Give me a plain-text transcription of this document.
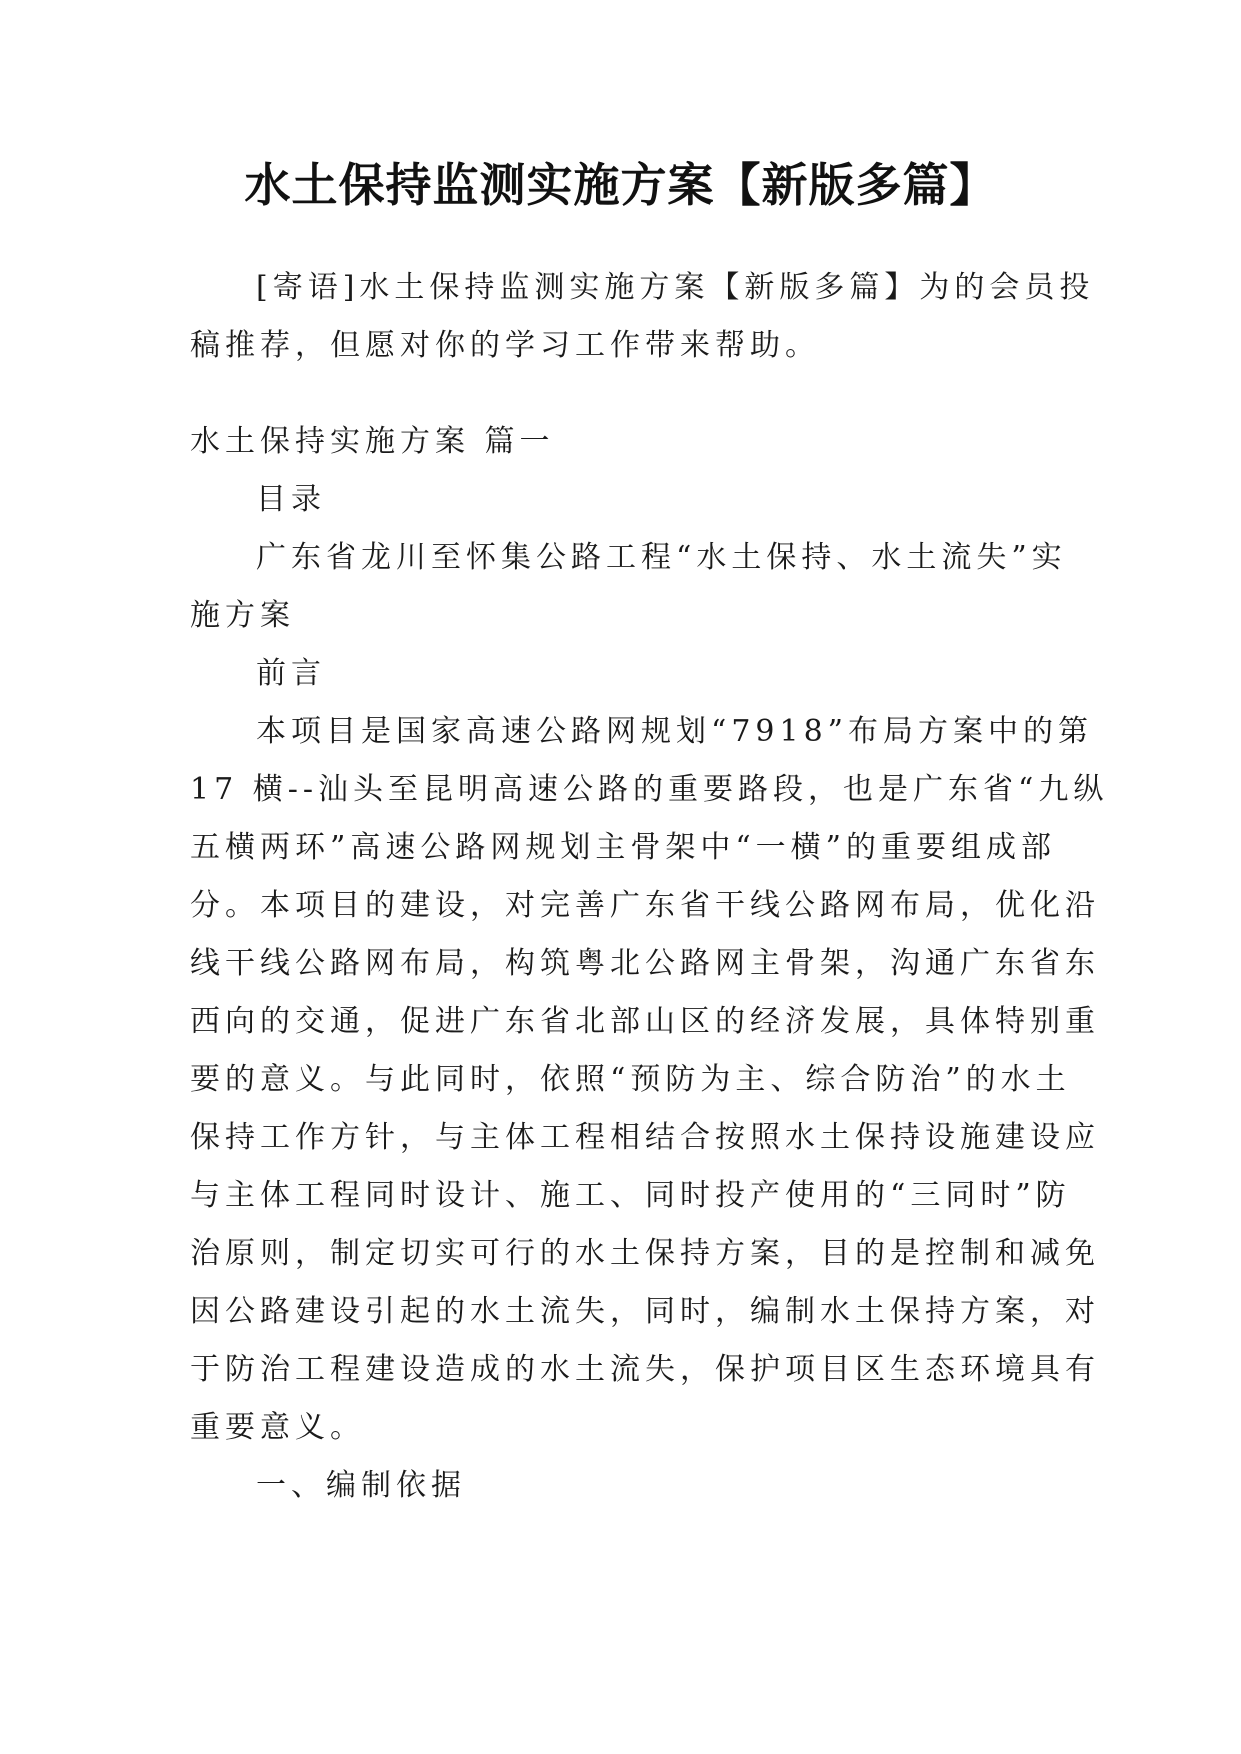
水土保持监测实施方案【新版多篇】
[寄语]水土保持监测实施方案【新版多篇】为的会员投
稿推荐，但愿对你的学习工作带来帮助。
水土保持实施方案 篇一
目录
广东省龙川至怀集公路工程“水土保持、水土流失”实
施方案
前言
本项目是国家高速公路网规划“7918”布局方案中的第
17 横--汕头至昆明高速公路的重要路段，也是广东省“九纵
五横两环”高速公路网规划主骨架中“一横”的重要组成部
分。本项目的建设，对完善广东省干线公路网布局，优化沿
线干线公路网布局，构筑粤北公路网主骨架，沟通广东省东
西向的交通，促进广东省北部山区的经济发展，具体特别重
要的意义。与此同时，依照“预防为主、综合防治”的水土
保持工作方针，与主体工程相结合按照水土保持设施建设应
与主体工程同时设计、施工、同时投产使用的“三同时”防
治原则，制定切实可行的水土保持方案，目的是控制和减免
因公路建设引起的水土流失，同时，编制水土保持方案，对
于防治工程建设造成的水土流失，保护项目区生态环境具有
重要意义。
一、编制依据
